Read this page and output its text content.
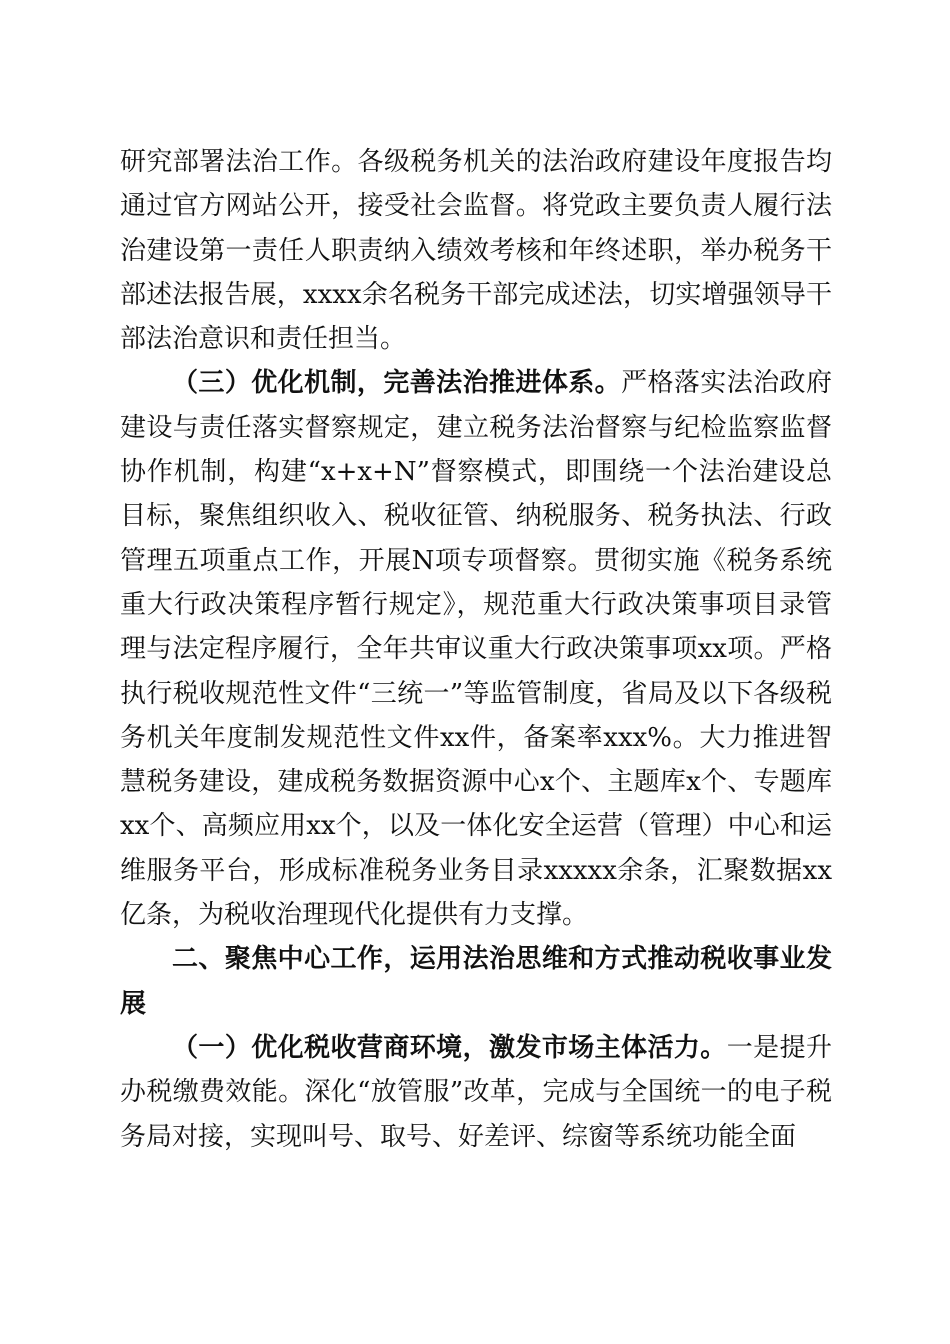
研究部署法治工作。各级税务机关的法治政府建设年度报告均通过官方网站公开，接受社会监督。将党政主要负责人履行法治建设第一责任人职责纳入绩效考核和年终述职，举办税务干部述法报告展，xxxx余名税务干部完成述法，切实增强领导干部法治意识和责任担当。

（三）优化机制，完善法治推进体系。严格落实法治政府建设与责任落实督察规定，建立税务法治督察与纪检监察监督协作机制，构建“x+x+N”督察模式，即围绕一个法治建设总目标，聚焦组织收入、税收征管、纳税服务、税务执法、行政管理五项重点工作，开展N项专项督察。贯彻实施《税务系统重大行政决策程序暂行规定》，规范重大行政决策事项目录管理与法定程序履行，全年共审议重大行政决策事项xx项。严格执行税收规范性文件“三统一”等监管制度，省局及以下各级税务机关年度制发规范性文件xx件，备案率xxx%。大力推进智慧税务建设，建成税务数据资源中心x个、主题库x个、专题库xx个、高频应用xx个，以及一体化安全运营（管理）中心和运维服务平台，形成标准税务业务目录xxxxx余条，汇聚数据xx亿条，为税收治理现代化提供有力支撑。

二、聚焦中心工作，运用法治思维和方式推动税收事业发展

（一）优化税收营商环境，激发市场主体活力。一是提升办税缴费效能。深化“放管服”改革，完成与全国统一的电子税务局对接，实现叫号、取号、好差评、综窗等系统功能全面
